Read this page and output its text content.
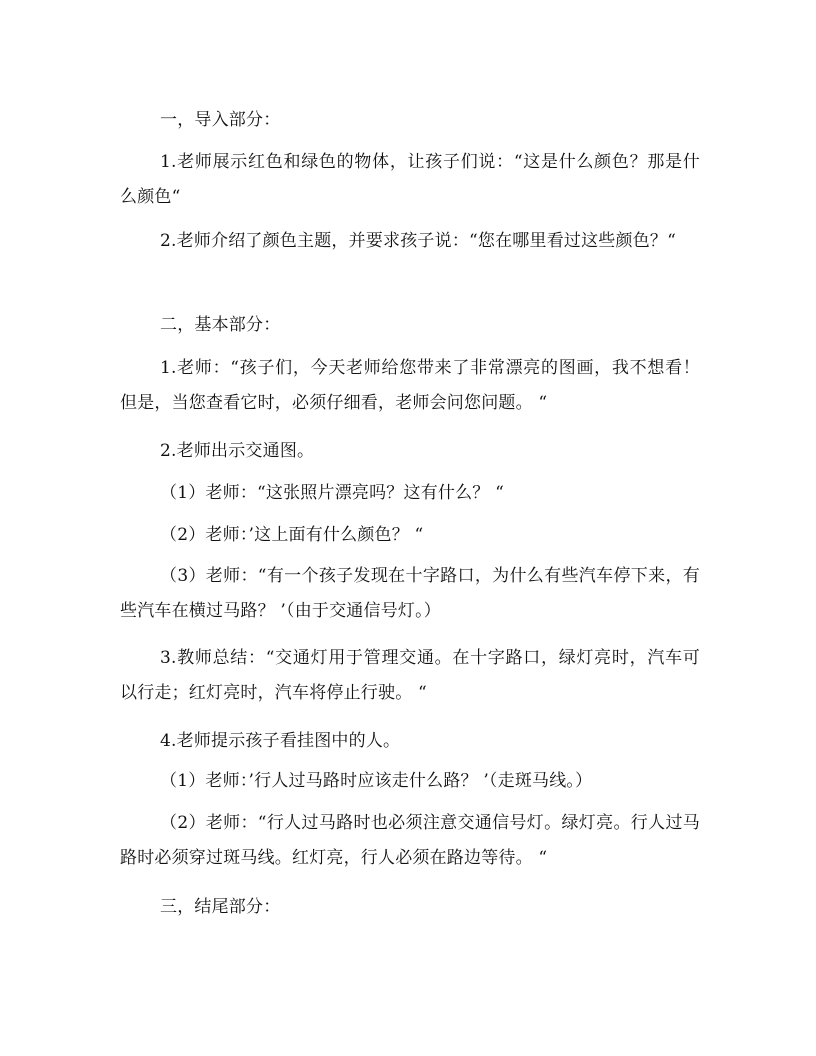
一，导入部分：

1.老师展示红色和绿色的物体，让孩子们说：“这是什么颜色？那是什么颜色“

2.老师介绍了颜色主题，并要求孩子说：“您在哪里看过这些颜色？“

二，基本部分：

1.老师：“孩子们，今天老师给您带来了非常漂亮的图画，我不想看！但是，当您查看它时，必须仔细看，老师会问您问题。 “

2.老师出示交通图。

（1）老师：“这张照片漂亮吗？这有什么？ “

（2）老师：’这上面有什么颜色？ “

（3）老师：“有一个孩子发现在十字路口，为什么有些汽车停下来，有些汽车在横过马路？ ’（由于交通信号灯。）

3.教师总结：“交通灯用于管理交通。在十字路口，绿灯亮时，汽车可以行走；红灯亮时，汽车将停止行驶。 “

4.老师提示孩子看挂图中的人。

（1）老师：’行人过马路时应该走什么路？ ’（走斑马线。）

（2）老师：“行人过马路时也必须注意交通信号灯。绿灯亮。行人过马路时必须穿过斑马线。红灯亮，行人必须在路边等待。 “

三，结尾部分：
